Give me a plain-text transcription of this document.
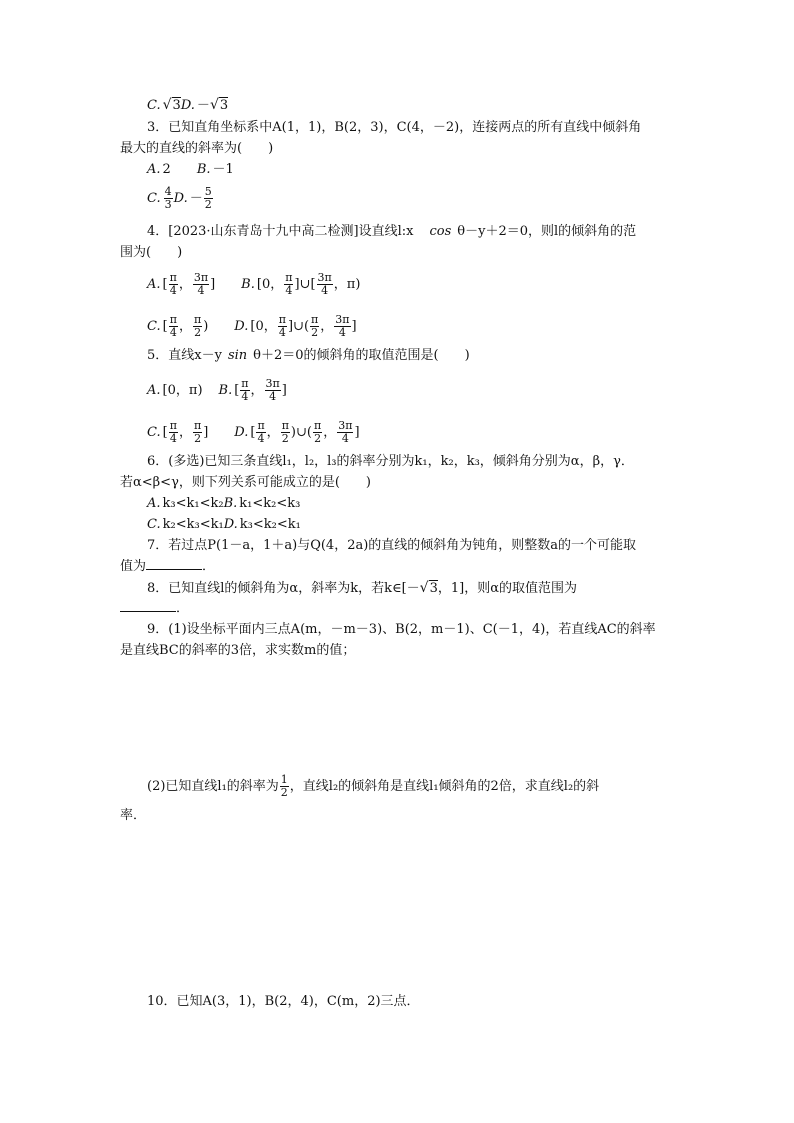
C. √3D. －√3
3．已知直角坐标系中A(1，1)，B(2，3)，C(4，－2)，连接两点的所有直线中倾斜角
最大的直线的斜率为(　　)
A. 2 B. －1
C. $\frac{4}{3} D$. － $\frac{5}{2}$
4．[2023·山东青岛十九中高二检测]设直线l:x cos θ－y＋2＝0，则l的倾斜角的范
围为(　　)
A. [ $\frac{\pi}{4}$ ， $\frac{3\pi}{4}$ ] B. [0， $\frac{\pi}{4}$ ]∪[ $\frac{3\pi}{4}$ ，π)
C. [ $\frac{\pi}{4}$ ， $\frac{\pi}{2}$ ) D. [0， $\frac{\pi}{4}$ ]∪( $\frac{\pi}{2}$ ， $\frac{3\pi}{4}$ ]
5．直线x－y sin θ＋2＝0的倾斜角的取值范围是(　　)
A. [0，π) B. [ $\frac{\pi}{4}$ ， $\frac{3\pi}{4}$ ]
C. [ $\frac{\pi}{4}$ ， $\frac{\pi}{2}$ ] D. [ $\frac{\pi}{4}$ ， $\frac{\pi}{2}$ )∪( $\frac{\pi}{2}$ ， $\frac{3\pi}{4}$ ]
6．(多选)已知三条直线l₁，l₂，l₃的斜率分别为k₁，k₂，k₃，倾斜角分别为α，β，γ．
若α<β<γ，则下列关系可能成立的是(　　)
A. k₃<k₁<k₂B. k₁<k₂<k₃
C. k₂<k₃<k₁D. k₃<k₂<k₁
7．若过点P(1－a，1＋a)与Q(4，2a)的直线的倾斜角为钝角，则整数a的一个可能取
值为	．
8．已知直线l的倾斜角为α，斜率为k，若k∈[－√3，1]，则α的取值范围为
．
9．(1)设坐标平面内三点A(m，－m－3)、B(2，m－1)、C(－1，4)，若直线AC的斜率
是直线BC的斜率的3倍，求实数m的值；
(2)已知直线l₁的斜率为 $\frac{1}{2}$ ，直线l₂的倾斜角是直线l₁倾斜角的2倍，求直线l₂的斜
率．
10．已知A(3，1)，B(2，4)，C(m，2)三点．
